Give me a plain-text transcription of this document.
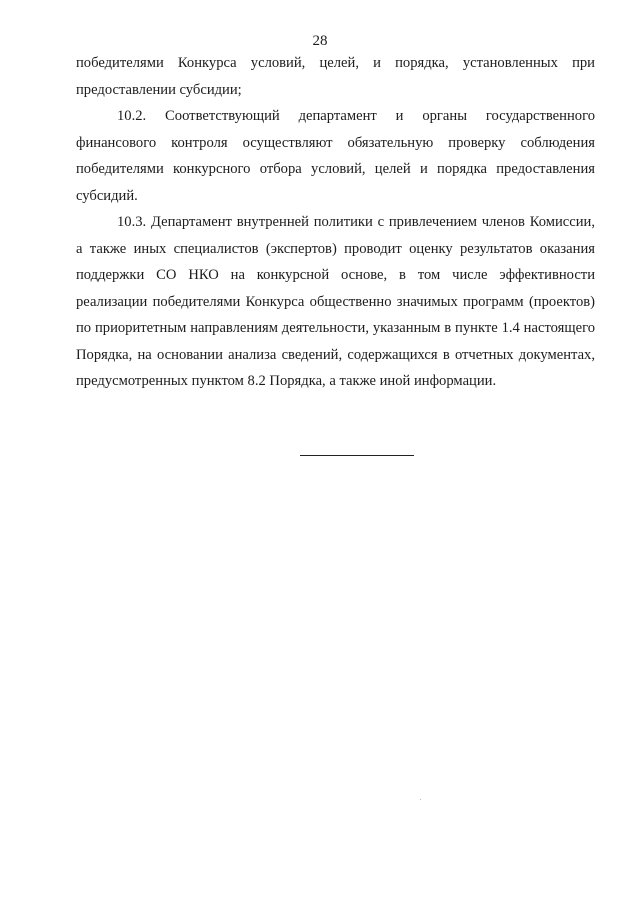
28

победителями Конкурса условий, целей, и порядка, установленных при предоставлении субсидии;

10.2. Соответствующий департамент и органы государственного финансового контроля осуществляют обязательную проверку соблюдения победителями конкурсного отбора условий, целей и порядка предоставления субсидий.

10.3. Департамент внутренней политики с привлечением членов Комиссии, а также иных специалистов (экспертов) проводит оценку результатов оказания поддержки СО НКО на конкурсной основе, в том числе эффективности реализации победителями Конкурса общественно значимых программ (проектов) по приоритетным направлениям деятельности, указанным в пункте 1.4 настоящего Порядка, на основании анализа сведений, содержащихся в отчетных документах, предусмотренных пунктом 8.2 Порядка, а также иной информации.
